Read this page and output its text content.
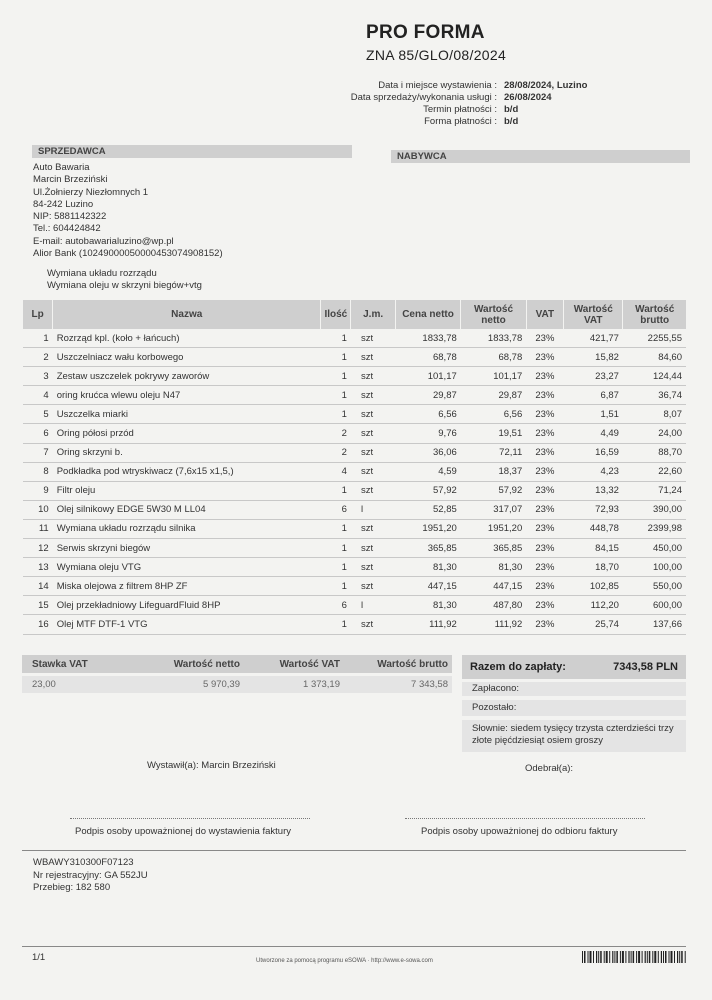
PRO FORMA
ZNA 85/GLO/08/2024
Data i miejsce wystawienia : 28/08/2024, Luzino
Data sprzedaży/wykonania usługi : 26/08/2024
Termin płatności : b/d
Forma płatności : b/d
SPRZEDAWCA	NABYWCA
Auto Bawaria
Marcin Brzeziński
Ul.Żołnierzy Niezłomnych 1
84-242 Luzino
NIP: 5881142322
Tel.: 604424842
E-mail: autobawarialuzino@wp.pl
Alior Bank (10249000050000453074908152)
Wymiana układu rozrządu
Wymiana oleju w skrzyni biegów+vtg
Lp	Nazwa	Ilość	J.m.	Cena netto	Wartość netto	VAT	Wartość VAT	Wartość brutto
1	Rozrząd kpl. (koło + łańcuch)	1	szt	1833,78	1833,78	23%	421,77	2255,55
2	Uszczelniacz wału korbowego	1	szt	68,78	68,78	23%	15,82	84,60
3	Zestaw uszczelek pokrywy zaworów	1	szt	101,17	101,17	23%	23,27	124,44
4	oring krućca wlewu oleju N47	1	szt	29,87	29,87	23%	6,87	36,74
5	Uszczelka miarki	1	szt	6,56	6,56	23%	1,51	8,07
6	Oring półosi przód	2	szt	9,76	19,51	23%	4,49	24,00
7	Oring skrzyni b.	2	szt	36,06	72,11	23%	16,59	88,70
8	Podkładka pod wtryskiwacz (7,6x15 x1,5,)	4	szt	4,59	18,37	23%	4,23	22,60
9	Filtr oleju	1	szt	57,92	57,92	23%	13,32	71,24
10	Olej silnikowy EDGE 5W30 M LL04	6	l	52,85	317,07	23%	72,93	390,00
11	Wymiana układu rozrządu silnika	1	szt	1951,20	1951,20	23%	448,78	2399,98
12	Serwis skrzyni biegów	1	szt	365,85	365,85	23%	84,15	450,00
13	Wymiana oleju VTG	1	szt	81,30	81,30	23%	18,70	100,00
14	Miska olejowa z filtrem 8HP ZF	1	szt	447,15	447,15	23%	102,85	550,00
15	Olej przekładniowy LifeguardFluid 8HP	6	l	81,30	487,80	23%	112,20	600,00
16	Olej MTF DTF-1 VTG	1	szt	111,92	111,92	23%	25,74	137,66
Stawka VAT	Wartość netto	Wartość VAT	Wartość brutto
23,00	5 970,39	1 373,19	7 343,58
Razem do zapłaty:	7343,58 PLN
Zapłacono:
Pozostało:
Słownie: siedem tysięcy trzysta czterdzieści trzy złote pięćdziesiąt osiem groszy
Wystawił(a): Marcin Brzeziński	Odebrał(a):
Podpis osoby upoważnionej do wystawienia faktury	Podpis osoby upoważnionej do odbioru faktury
WBAWY310300F07123
Nr rejestracyjny: GA 552JU
Przebieg: 182 580
1/1	Utworzone za pomocą programu eSOWA · http://www.e-sowa.com
